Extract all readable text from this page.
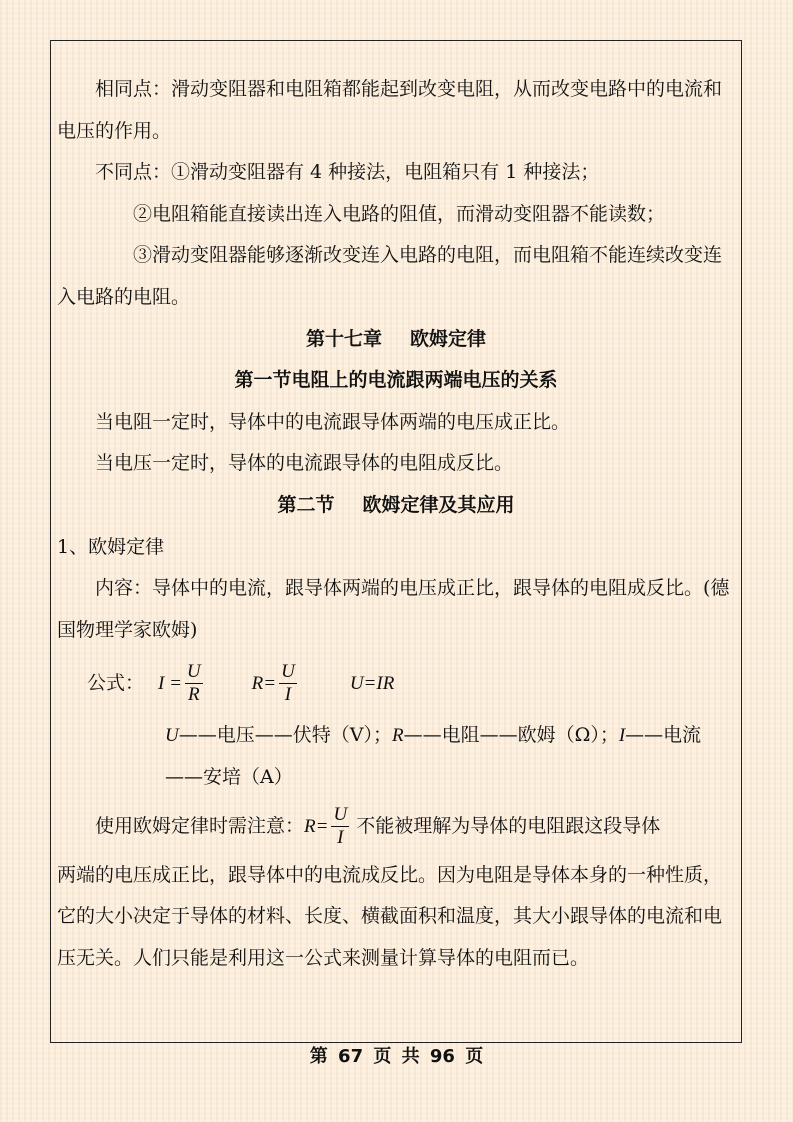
相同点：滑动变阻器和电阻箱都能起到改变电阻，从而改变电路中的电流和电压的作用。

不同点：①滑动变阻器有 4 种接法，电阻箱只有 1 种接法；

②电阻箱能直接读出连入电路的阻值，而滑动变阻器不能读数；

③滑动变阻器能够逐渐改变连入电路的电阻，而电阻箱不能连续改变连入电路的电阻。

第十七章 欧姆定律

第一节电阻上的电流跟两端电压的关系

当电阻一定时，导体中的电流跟导体两端的电压成正比。

当电压一定时，导体的电流跟导体的电阻成反比。

第二节 欧姆定律及其应用

1、欧姆定律

内容：导体中的电流，跟导体两端的电压成正比，跟导体的电阻成反比。(德国物理学家欧姆)

公式： $I = \frac{U}{R}$	$R= \frac{U}{I}$	U=IR

U——电压——伏特（V）；R——电阻——欧姆（Ω）；I——电流——安培（A）

使用欧姆定律时需注意： $R= \frac{U}{I}$ 不能被理解为导体的电阻跟这段导体

两端的电压成正比，跟导体中的电流成反比。因为电阻是导体本身的一种性质，它的大小决定于导体的材料、长度、横截面积和温度，其大小跟导体的电流和电压无关。人们只能是利用这一公式来测量计算导体的电阻而已。

第 67 页 共 96 页
